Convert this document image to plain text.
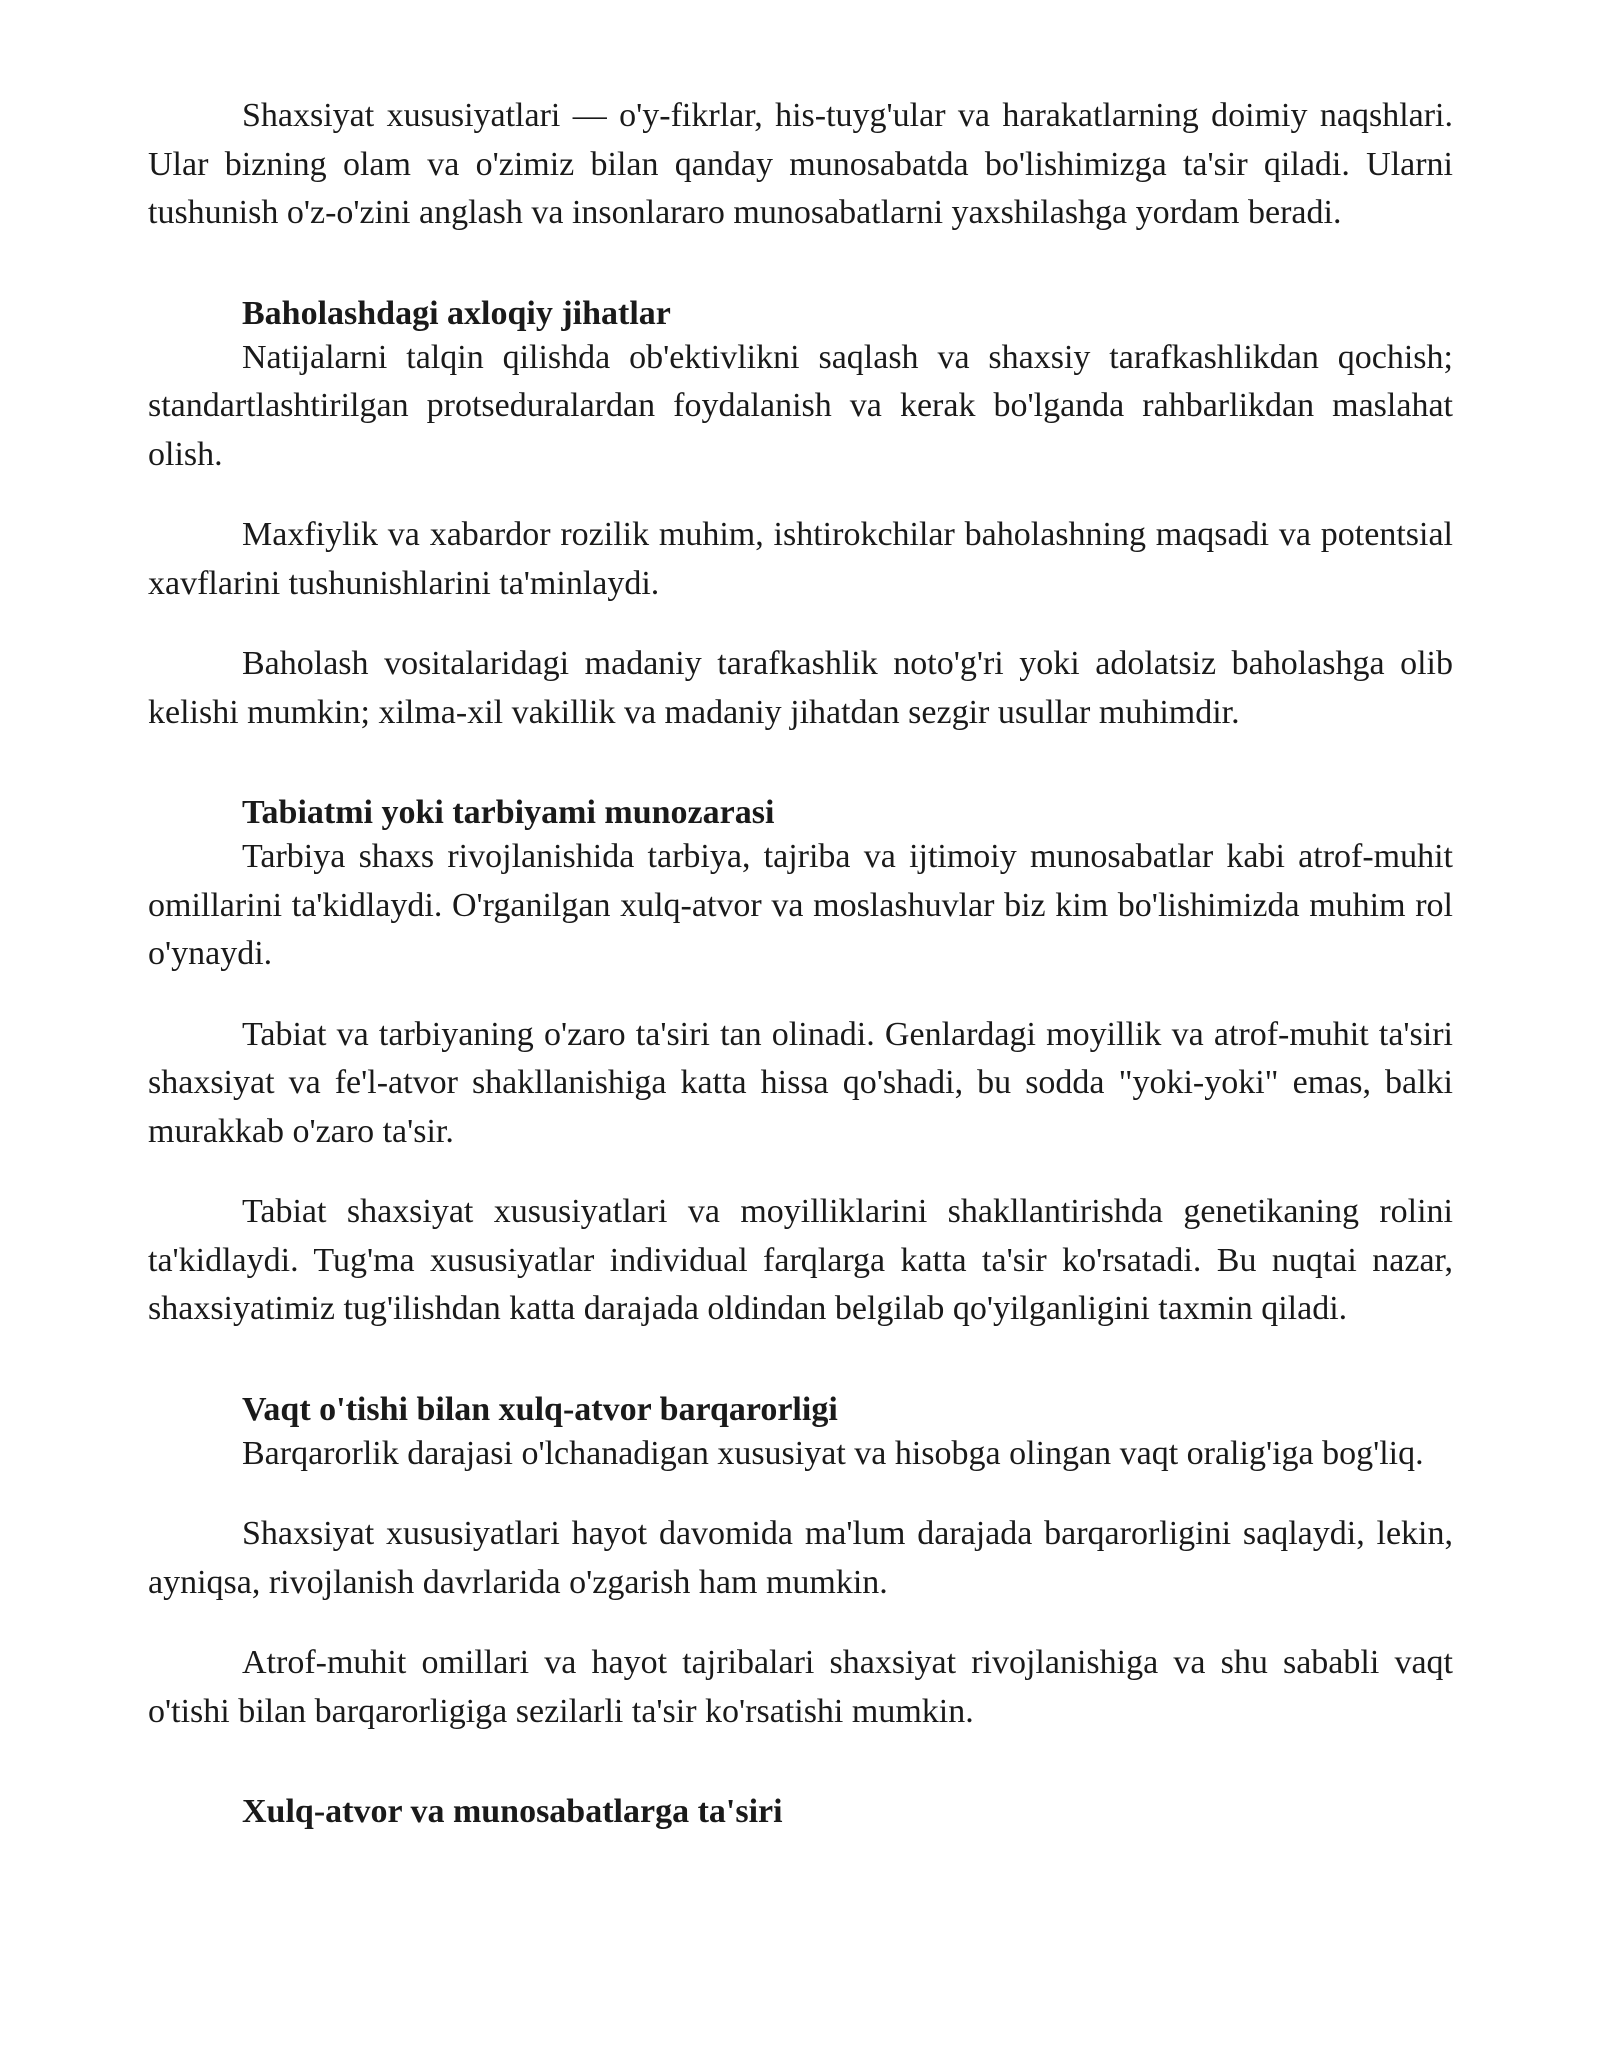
Shaxsiyat xususiyatlari — o'y-fikrlar, his-tuyg'ular va harakatlarning doimiy naqshlari. Ular bizning olam va o'zimiz bilan qanday munosabatda bo'lishimizga ta'sir qiladi. Ularni tushunish o'z-o'zini anglash va insonlararo munosabatlarni yaxshilashga yordam beradi.

Baholashdagi axloqiy jihatlar

Natijalarni talqin qilishda ob'ektivlikni saqlash va shaxsiy tarafkashlikdan qochish; standartlashtirilgan protseduralardan foydalanish va kerak bo'lganda rahbarlikdan maslahat olish.

Maxfiylik va xabardor rozilik muhim, ishtirokchilar baholashning maqsadi va potentsial xavflarini tushunishlarini ta'minlaydi.

Baholash vositalaridagi madaniy tarafkashlik noto'g'ri yoki adolatsiz baholashga olib kelishi mumkin; xilma-xil vakillik va madaniy jihatdan sezgir usullar muhimdir.

Tabiatmi yoki tarbiyami munozarasi

Tarbiya shaxs rivojlanishida tarbiya, tajriba va ijtimoiy munosabatlar kabi atrof-muhit omillarini ta'kidlaydi. O'rganilgan xulq-atvor va moslashuvlar biz kim bo'lishimizda muhim rol o'ynaydi.

Tabiat va tarbiyaning o'zaro ta'siri tan olinadi. Genlardagi moyillik va atrof-muhit ta'siri shaxsiyat va fe'l-atvor shakllanishiga katta hissa qo'shadi, bu sodda "yoki-yoki" emas, balki murakkab o'zaro ta'sir.

Tabiat shaxsiyat xususiyatlari va moyilliklarini shakllantirishda genetikaning rolini ta'kidlaydi. Tug'ma xususiyatlar individual farqlarga katta ta'sir ko'rsatadi. Bu nuqtai nazar, shaxsiyatimiz tug'ilishdan katta darajada oldindan belgilab qo'yilganligini taxmin qiladi.

Vaqt o'tishi bilan xulq-atvor barqarorligi

Barqarorlik darajasi o'lchanadigan xususiyat va hisobga olingan vaqt oralig'iga bog'liq.

Shaxsiyat xususiyatlari hayot davomida ma'lum darajada barqarorligini saqlaydi, lekin, ayniqsa, rivojlanish davrlarida o'zgarish ham mumkin.

Atrof-muhit omillari va hayot tajribalari shaxsiyat rivojlanishiga va shu sababli vaqt o'tishi bilan barqarorligiga sezilarli ta'sir ko'rsatishi mumkin.

Xulq-atvor va munosabatlarga ta'siri
